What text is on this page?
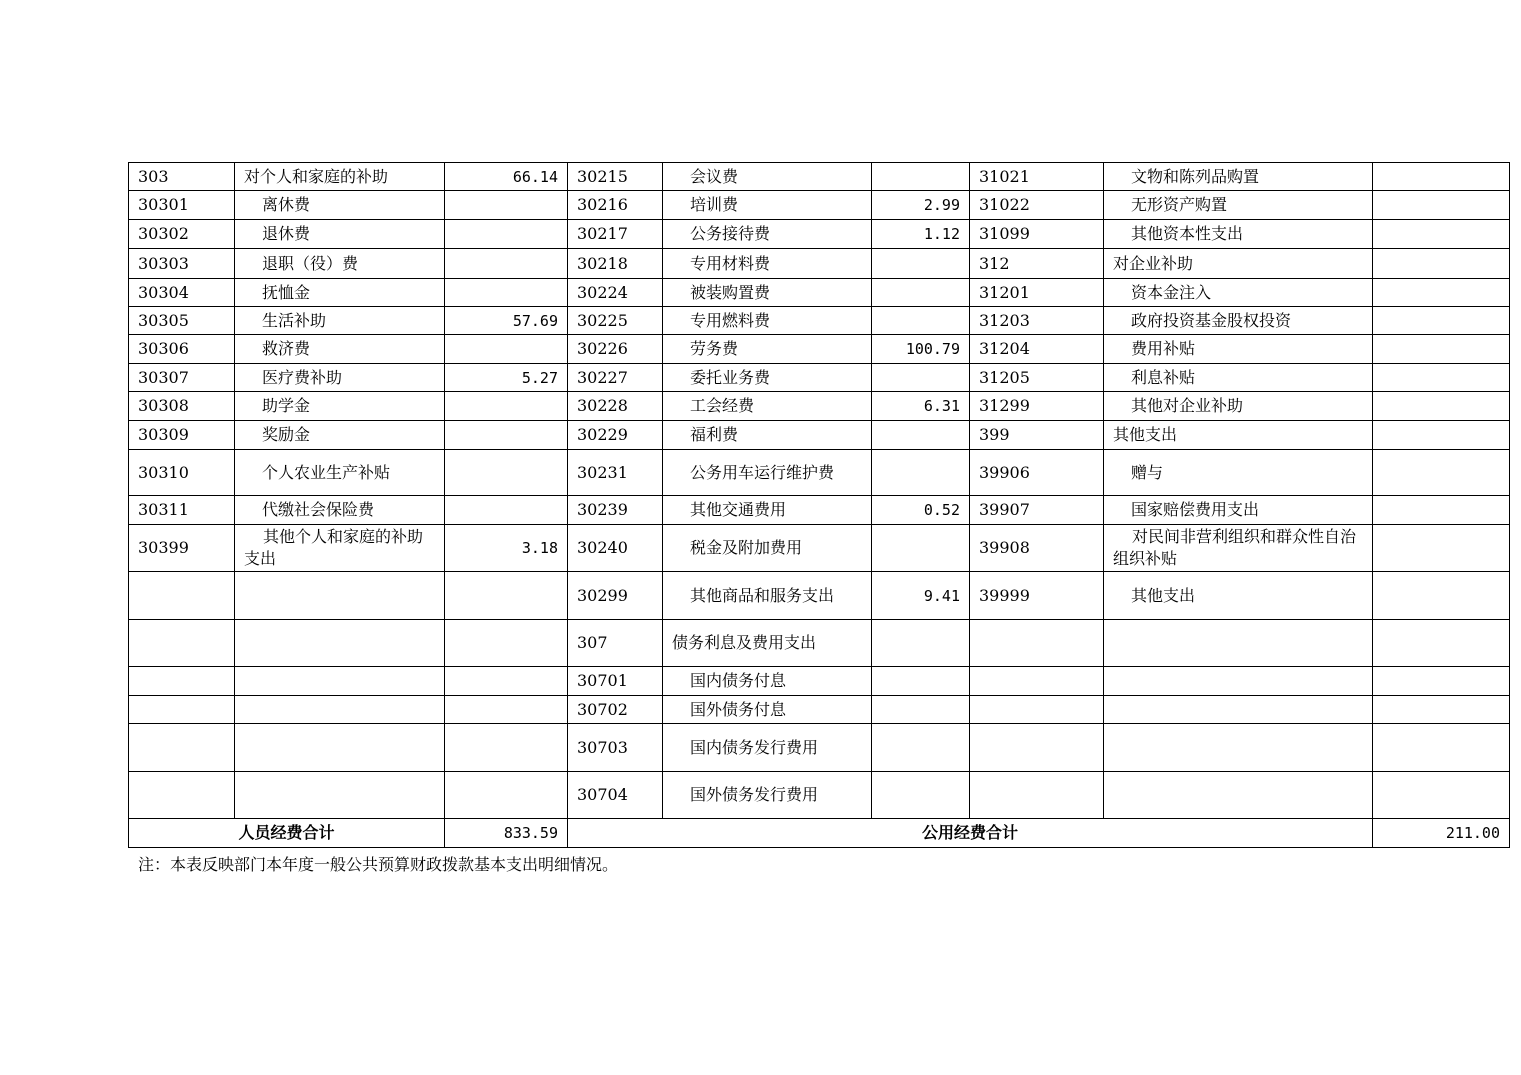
303	对个人和家庭的补助	66.14	30215	会议费		31021	文物和陈列品购置	
30301	离休费		30216	培训费	2.99	31022	无形资产购置	
30302	退休费		30217	公务接待费	1.12	31099	其他资本性支出	
30303	退职（役）费		30218	专用材料费		312	对企业补助	
30304	抚恤金		30224	被装购置费		31201	资本金注入	
30305	生活补助	57.69	30225	专用燃料费		31203	政府投资基金股权投资	
30306	救济费		30226	劳务费	100.79	31204	费用补贴	
30307	医疗费补助	5.27	30227	委托业务费		31205	利息补贴	
30308	助学金		30228	工会经费	6.31	31299	其他对企业补助	
30309	奖励金		30229	福利费		399	其他支出	
30310	个人农业生产补贴		30231	公务用车运行维护费		39906	赠与	
30311	代缴社会保险费		30239	其他交通费用	0.52	39907	国家赔偿费用支出	
30399	其他个人和家庭的补助支出	3.18	30240	税金及附加费用		39908	对民间非营利组织和群众性自治组织补贴	
			30299	其他商品和服务支出	9.41	39999	其他支出	
			307	债务利息及费用支出				
			30701	国内债务付息				
			30702	国外债务付息				
			30703	国内债务发行费用				
			30704	国外债务发行费用				
人员经费合计		833.59	公用经费合计					211.00
注：本表反映部门本年度一般公共预算财政拨款基本支出明细情况。
